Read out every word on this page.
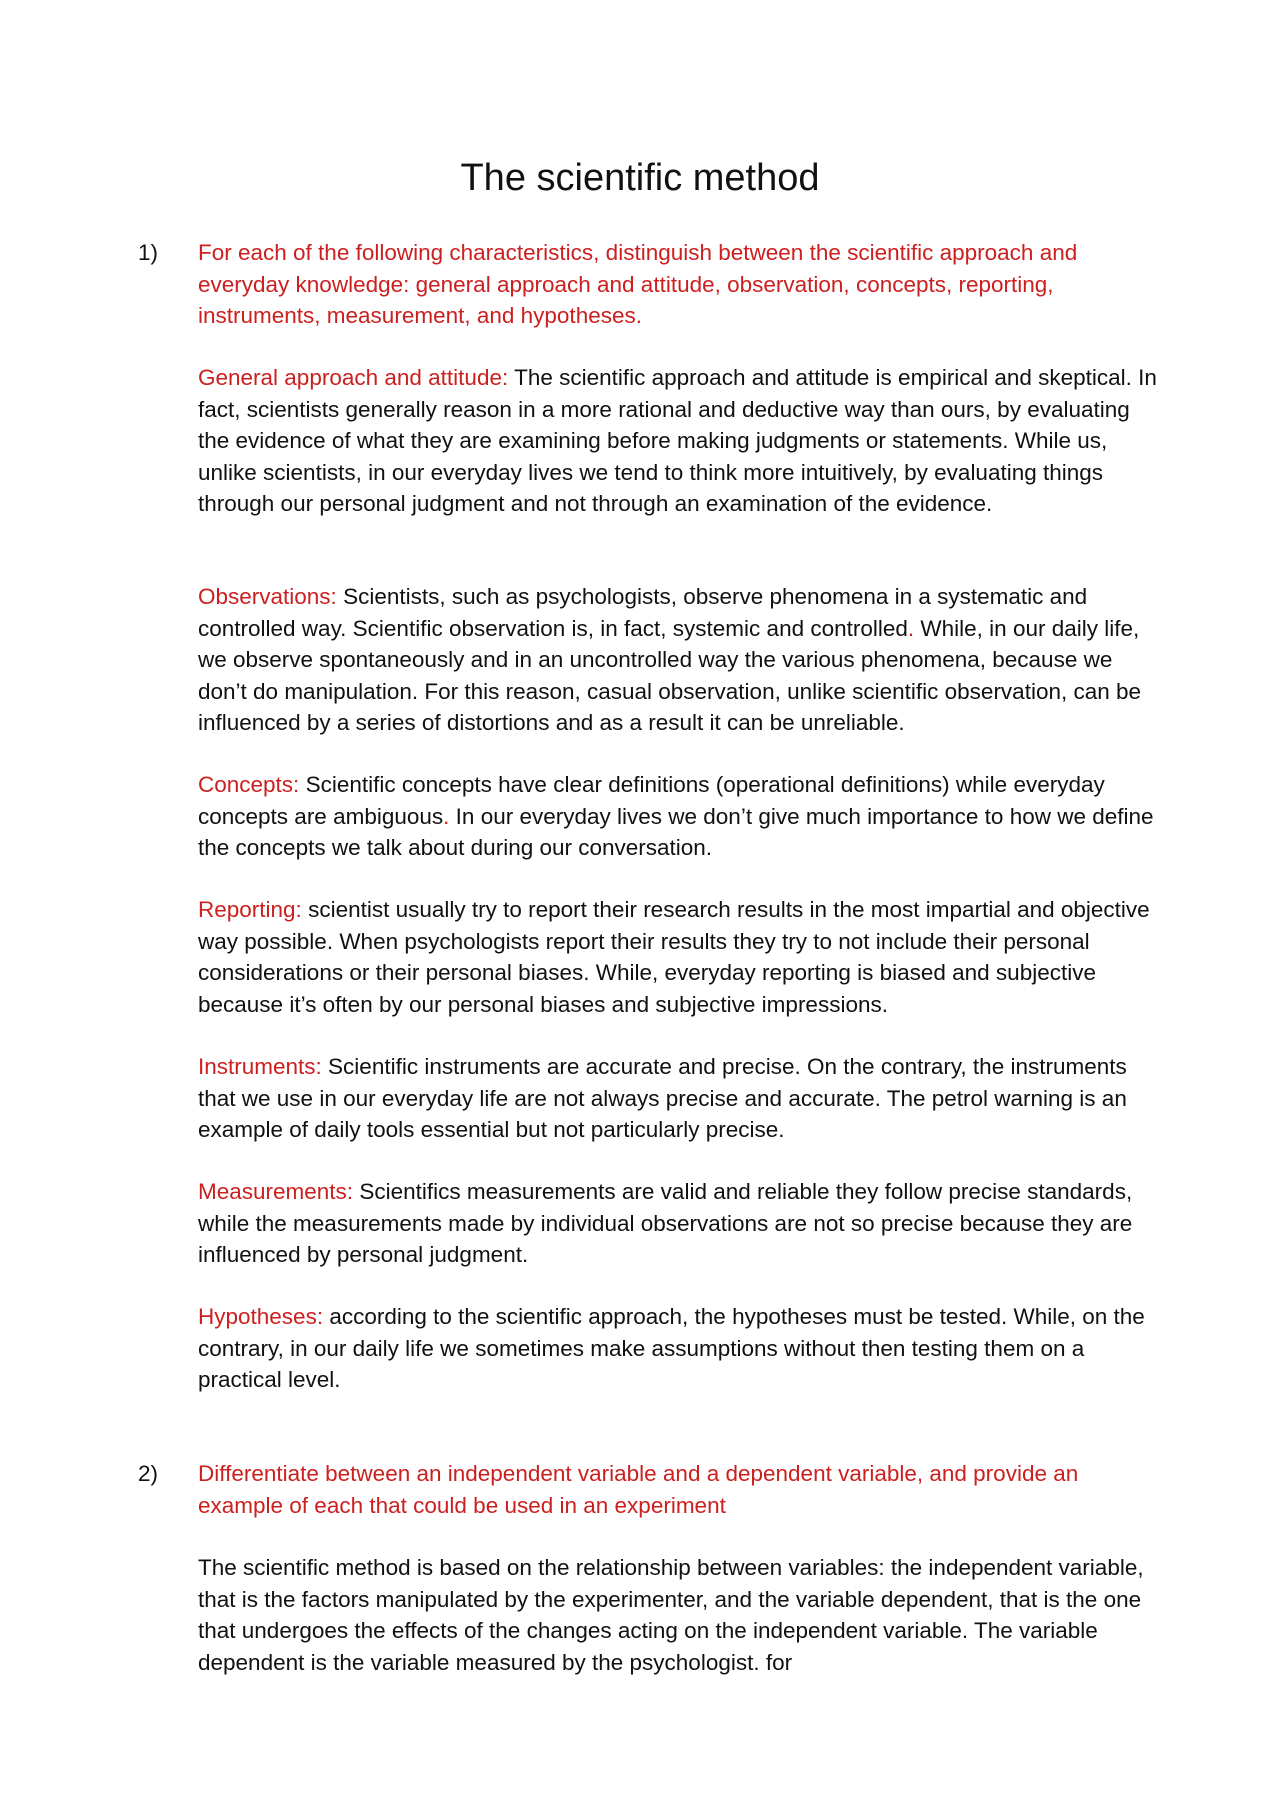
The scientific method
1) For each of the following characteristics, distinguish between the scientific approach and everyday knowledge: general approach and attitude, observation, concepts, reporting, instruments, measurement, and hypotheses.
General approach and attitude: The scientific approach and attitude is empirical and skeptical. In fact, scientists generally reason in a more rational and deductive way than ours, by evaluating the evidence of what they are examining before making judgments or statements. While us, unlike scientists, in our everyday lives we tend to think more intuitively, by evaluating things through our personal judgment and not through an examination of the evidence.
Observations: Scientists, such as psychologists, observe phenomena in a systematic and controlled way. Scientific observation is, in fact, systemic and controlled. While, in our daily life, we observe spontaneously and in an uncontrolled way the various phenomena, because we don’t do manipulation. For this reason, casual observation, unlike scientific observation, can be influenced by a series of distortions and as a result it can be unreliable.
Concepts: Scientific concepts have clear definitions (operational definitions) while everyday concepts are ambiguous. In our everyday lives we don’t give much importance to how we define the concepts we talk about during our conversation.
Reporting: scientist usually try to report their research results in the most impartial and objective way possible. When psychologists report their results they try to not include their personal considerations or their personal biases. While, everyday reporting is biased and subjective because it’s often by our personal biases and subjective impressions.
Instruments: Scientific instruments are accurate and precise. On the contrary, the instruments that we use in our everyday life are not always precise and accurate. The petrol warning is an example of daily tools essential but not particularly precise.
Measurements: Scientifics measurements are valid and reliable they follow precise standards, while the measurements made by individual observations are not so precise because they are influenced by personal judgment.
Hypotheses: according to the scientific approach, the hypotheses must be tested. While, on the contrary, in our daily life we sometimes make assumptions without then testing them on a practical level.
2) Differentiate between an independent variable and a dependent variable, and provide an example of each that could be used in an experiment
The scientific method is based on the relationship between variables: the independent variable, that is the factors manipulated by the experimenter, and the variable dependent, that is the one that undergoes the effects of the changes acting on the independent variable. The variable dependent is the variable measured by the psychologist. for
